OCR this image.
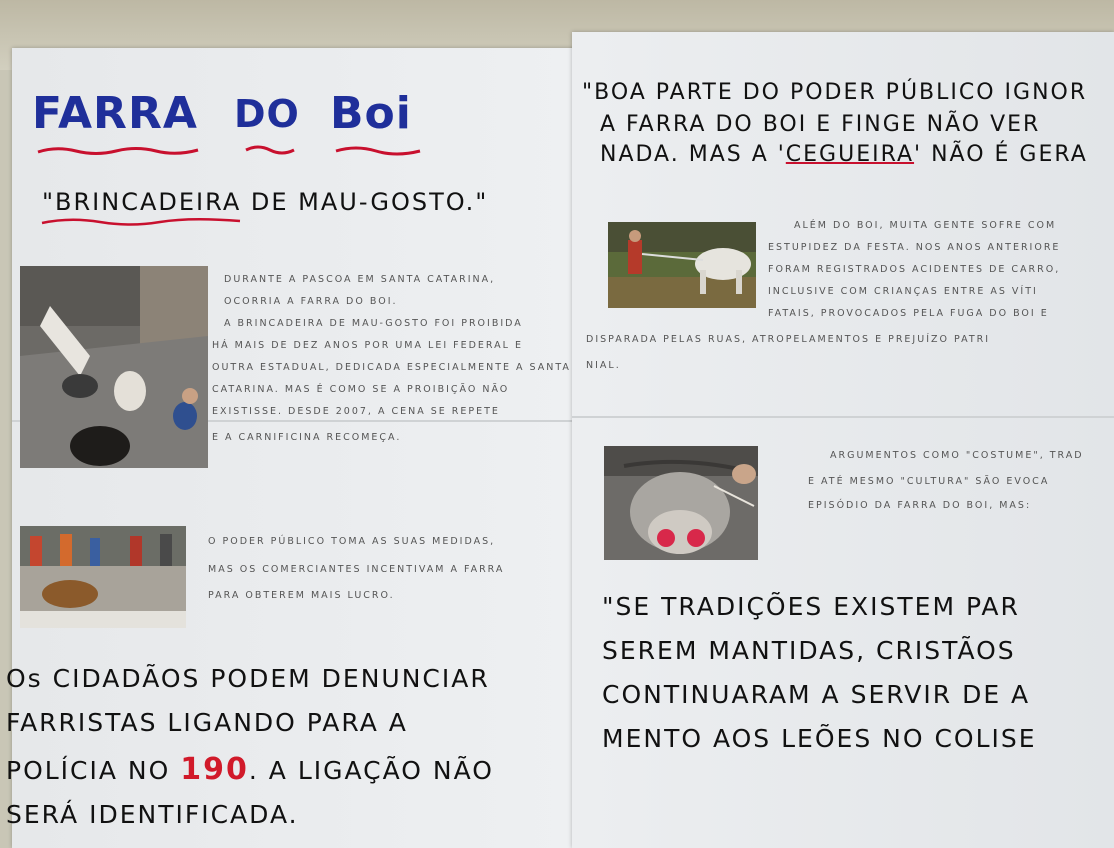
FARRA DO Boi
"BRINCADEIRA DE MAU-GOSTO."
DURANTE A PASCOA EM SANTA CATARINA,
OCORRIA A FARRA DO BOI.
A BRINCADEIRA DE MAU-GOSTO FOI PROIBIDA
HÁ MAIS DE DEZ ANOS POR UMA LEI FEDERAL E
OUTRA ESTADUAL, DEDICADA ESPECIALMENTE A SANTA
CATARINA. MAS É COMO SE A PROIBIÇÃO NÃO
EXISTISSE. DESDE 2007, A CENA SE REPETE
E A CARNIFICINA RECOMEÇA.
O PODER PÚBLICO TOMA AS SUAS MEDIDAS,
MAS OS COMERCIANTES INCENTIVAM A FARRA
PARA OBTEREM MAIS LUCRO.
Os CIDADÃOS PODEM DENUNCIAR
FARRISTAS LIGANDO PARA A
POLÍCIA NO 190. A LIGAÇÃO NÃO
SERÁ IDENTIFICADA.
"BOA PARTE DO PODER PÚBLICO IGNOR
A FARRA DO BOI E FINGE NÃO VER
NADA. MAS A 'CEGUEIRA' NÃO É GERA
ALÉM DO BOI, MUITA GENTE SOFRE COM
ESTUPIDEZ DA FESTA. NOS ANOS ANTERIORE
FORAM REGISTRADOS ACIDENTES DE CARRO,
INCLUSIVE COM CRIANÇAS ENTRE AS VÍTI
FATAIS, PROVOCADOS PELA FUGA DO BOI E
DISPARADA PELAS RUAS, ATROPELAMENTOS E PREJUÍZO PATRI
NIAL.
ARGUMENTOS COMO "COSTUME", TRAD
E ATÉ MESMO "CULTURA" SÃO EVOCA
EPISÓDIO DA FARRA DO BOI, MAS:
"SE TRADIÇÕES EXISTEM PAR
SEREM MANTIDAS, CRISTÃOS
CONTINUARAM A SERVIR DE A
MENTO AOS LEÕES NO COLISE
